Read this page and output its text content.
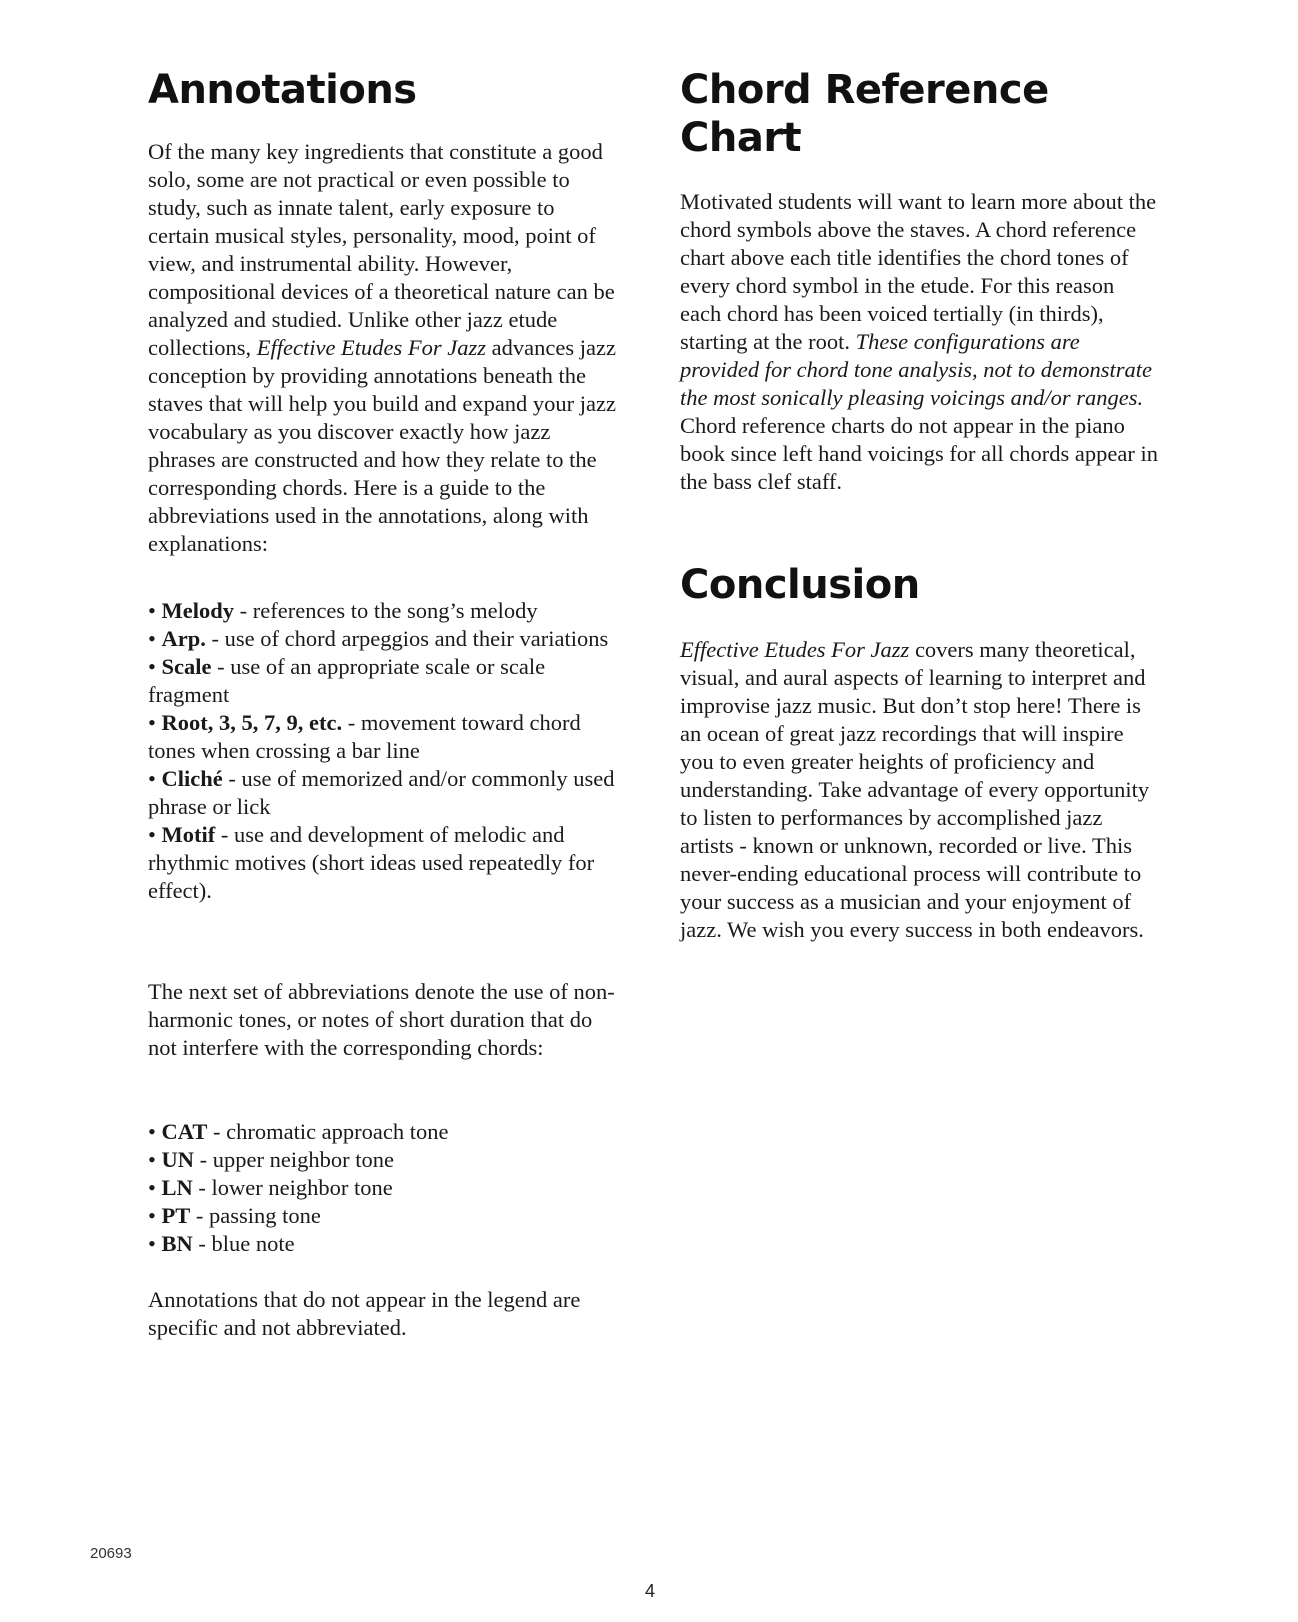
Annotations

Of the many key ingredients that constitute a good solo, some are not practical or even possible to study, such as innate talent, early exposure to certain musical styles, personality, mood, point of view, and instrumental ability. However, compositional devices of a theoretical nature can be analyzed and studied. Unlike other jazz etude collections, Effective Etudes For Jazz advances jazz conception by providing annotations beneath the staves that will help you build and expand your jazz vocabulary as you discover exactly how jazz phrases are constructed and how they relate to the corresponding chords. Here is a guide to the abbreviations used in the annotations, along with explanations:

• Melody - references to the song’s melody
• Arp. - use of chord arpeggios and their variations
• Scale - use of an appropriate scale or scale fragment
• Root, 3, 5, 7, 9, etc. - movement toward chord tones when crossing a bar line
• Cliché - use of memorized and/or commonly used phrase or lick
• Motif - use and development of melodic and rhythmic motives (short ideas used repeatedly for effect).

The next set of abbreviations denote the use of non-harmonic tones, or notes of short duration that do not interfere with the corresponding chords:

• CAT - chromatic approach tone
• UN - upper neighbor tone
• LN - lower neighbor tone
• PT - passing tone
• BN - blue note

Annotations that do not appear in the legend are specific and not abbreviated.

Chord Reference Chart

Motivated students will want to learn more about the chord symbols above the staves. A chord reference chart above each title identifies the chord tones of every chord symbol in the etude. For this reason each chord has been voiced tertially (in thirds), starting at the root. These configurations are provided for chord tone analysis, not to demonstrate the most sonically pleasing voicings and/or ranges. Chord reference charts do not appear in the piano book since left hand voicings for all chords appear in the bass clef staff.

Conclusion

Effective Etudes For Jazz covers many theoretical, visual, and aural aspects of learning to interpret and improvise jazz music. But don’t stop here! There is an ocean of great jazz recordings that will inspire you to even greater heights of proficiency and understanding. Take advantage of every opportunity to listen to performances by accomplished jazz artists - known or unknown, recorded or live. This never-ending educational process will contribute to your success as a musician and your enjoyment of jazz. We wish you every success in both endeavors.

20693
4
